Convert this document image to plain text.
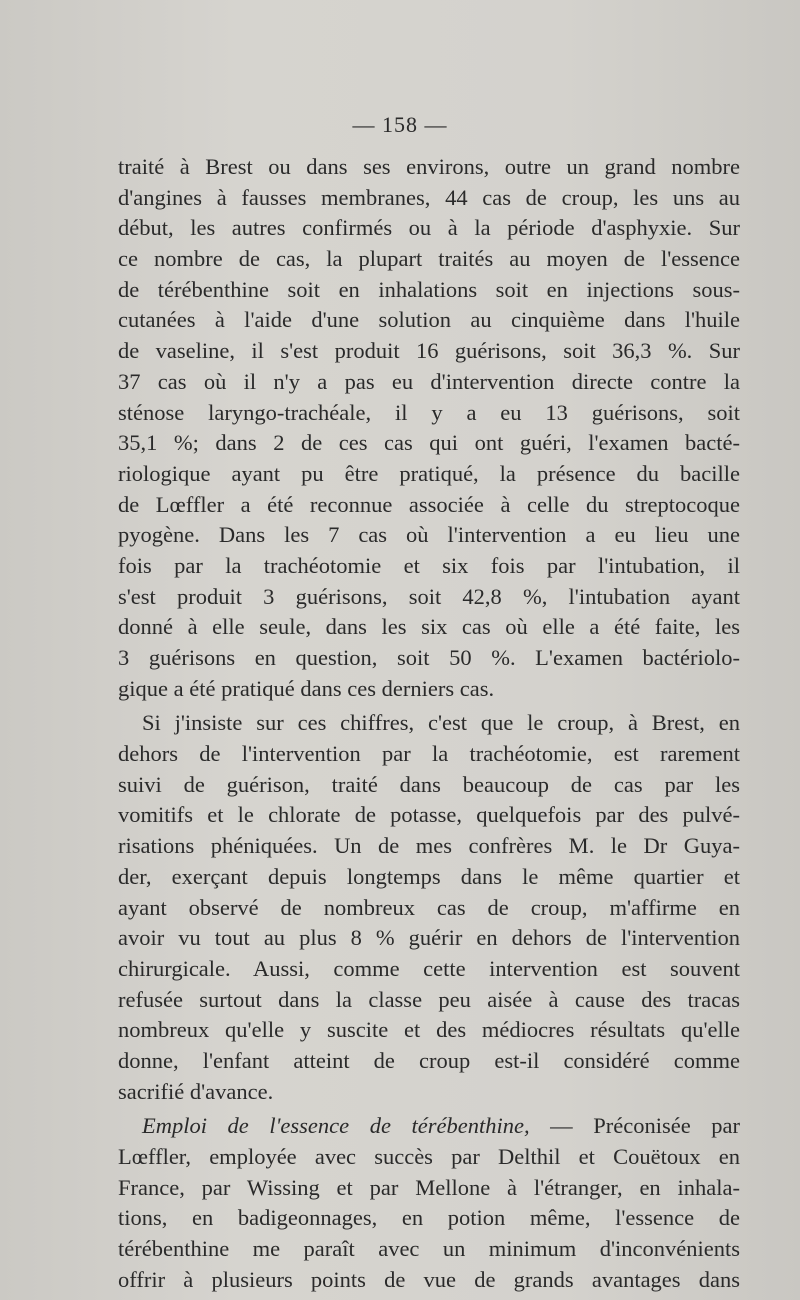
— 158 —
traité à Brest ou dans ses environs, outre un grand nombre
d'angines à fausses membranes, 44 cas de croup, les uns au
début, les autres confirmés ou à la période d'asphyxie. Sur
ce nombre de cas, la plupart traités au moyen de l'essence
de térébenthine soit en inhalations soit en injections sous-
cutanées à l'aide d'une solution au cinquième dans l'huile
de vaseline, il s'est produit 16 guérisons, soit 36,3 %. Sur
37 cas où il n'y a pas eu d'intervention directe contre la
sténose laryngo-trachéale, il y a eu 13 guérisons, soit
35,1 %; dans 2 de ces cas qui ont guéri, l'examen bacté-
riologique ayant pu être pratiqué, la présence du bacille
de Lœffler a été reconnue associée à celle du streptocoque
pyogène. Dans les 7 cas où l'intervention a eu lieu une
fois par la trachéotomie et six fois par l'intubation, il
s'est produit 3 guérisons, soit 42,8 %, l'intubation ayant
donné à elle seule, dans les six cas où elle a été faite, les
3 guérisons en question, soit 50 %. L'examen bactériolo-
gique a été pratiqué dans ces derniers cas.
Si j'insiste sur ces chiffres, c'est que le croup, à Brest, en
dehors de l'intervention par la trachéotomie, est rarement
suivi de guérison, traité dans beaucoup de cas par les
vomitifs et le chlorate de potasse, quelquefois par des pulvé-
risations phéniquées. Un de mes confrères M. le Dr Guya-
der, exerçant depuis longtemps dans le même quartier et
ayant observé de nombreux cas de croup, m'affirme en
avoir vu tout au plus 8 % guérir en dehors de l'intervention
chirurgicale. Aussi, comme cette intervention est souvent
refusée surtout dans la classe peu aisée à cause des tracas
nombreux qu'elle y suscite et des médiocres résultats qu'elle
donne, l'enfant atteint de croup est-il considéré comme
sacrifié d'avance.
Emploi de l'essence de térébenthine, — Préconisée par
Lœffler, employée avec succès par Delthil et Couëtoux en
France, par Wissing et par Mellone à l'étranger, en inhala-
tions, en badigeonnages, en potion même, l'essence de
térébenthine me paraît avec un minimum d'inconvénients
offrir à plusieurs points de vue de grands avantages dans
